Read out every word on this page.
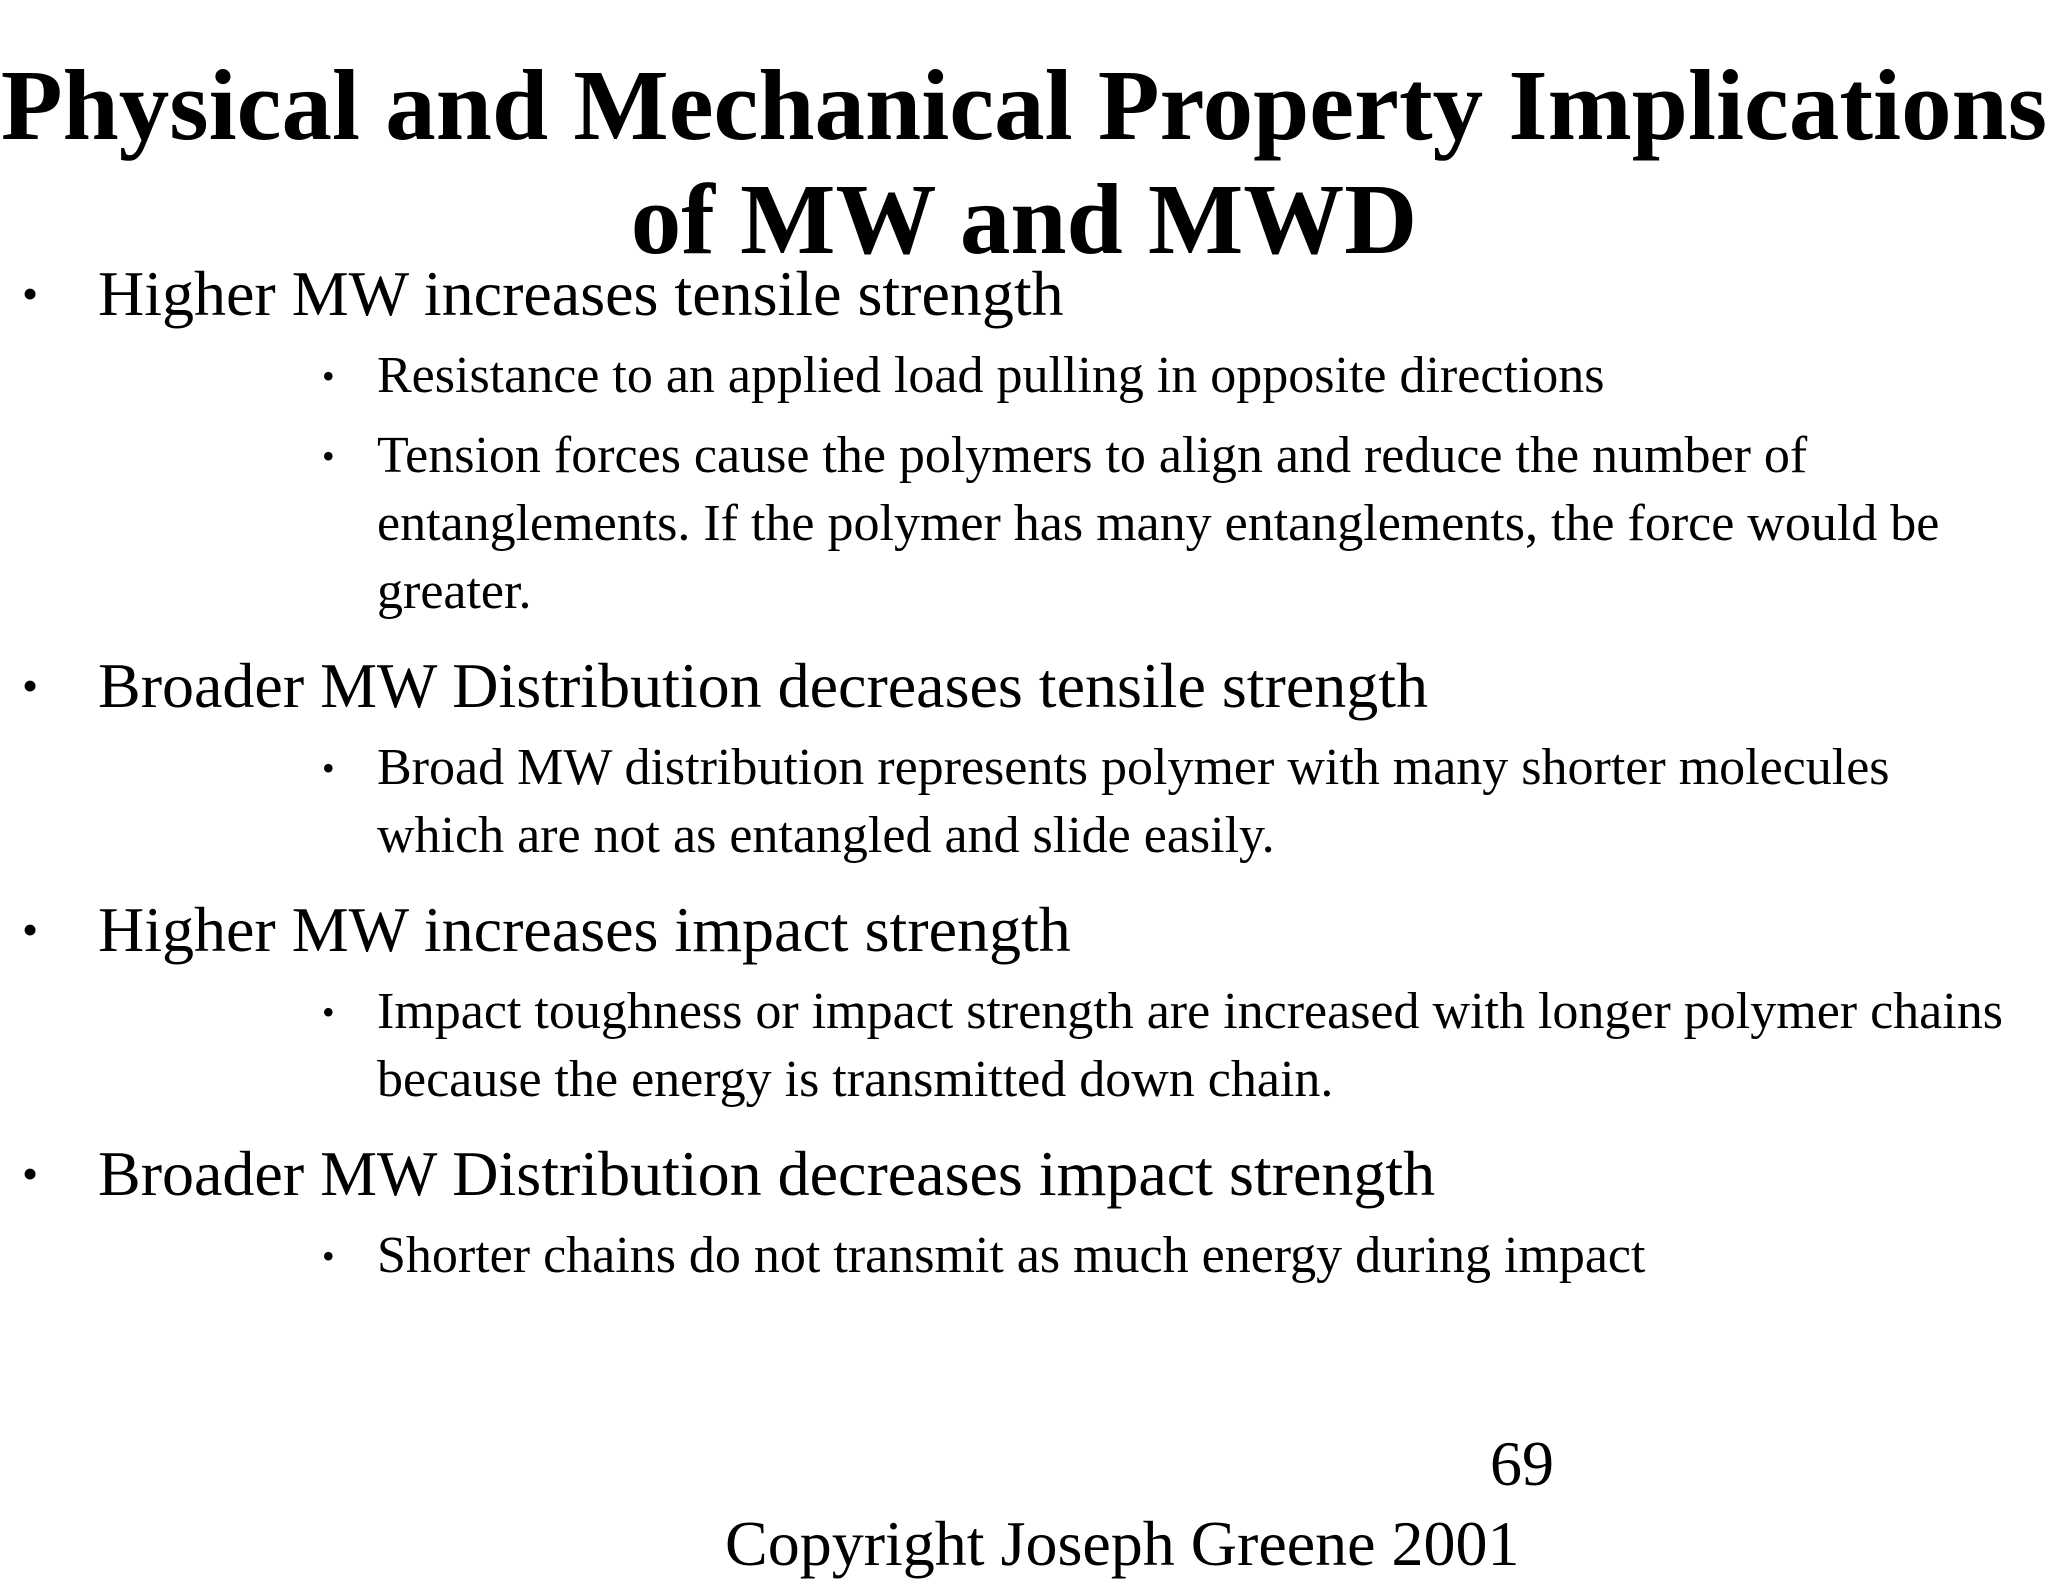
Physical and Mechanical Property Implications of MW and MWD
• Higher MW increases tensile strength
• Resistance to an applied load pulling in opposite directions
• Tension forces cause the polymers to align and reduce the number of entanglements. If the polymer has many entanglements, the force would be greater.
• Broader MW Distribution decreases tensile strength
• Broad MW distribution represents polymer with many shorter molecules which are not as entangled and slide easily.
• Higher MW increases impact strength
• Impact toughness or impact strength are increased with longer polymer chains because the energy is transmitted down chain.
• Broader MW Distribution decreases impact strength
• Shorter chains do not transmit as much energy during impact
69
Copyright Joseph Greene 2001
